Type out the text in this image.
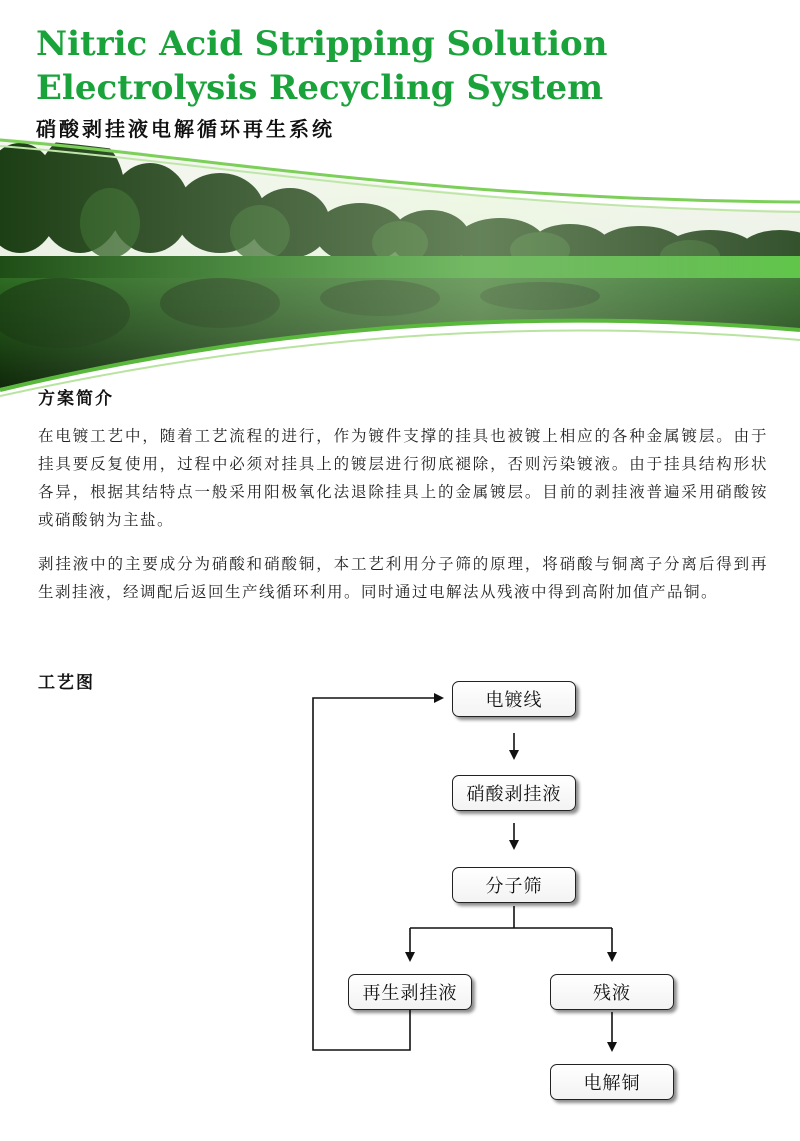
Nitric Acid Stripping Solution
Electrolysis Recycling System
硝酸剥挂液电解循环再生系统
方案简介

在电镀工艺中，随着工艺流程的进行，作为镀件支撑的挂具也被镀上相应的各种金属镀层。由于挂具要反复使用，过程中必须对挂具上的镀层进行彻底褪除，否则污染镀液。由于挂具结构形状各异，根据其结特点一般采用阳极氧化法退除挂具上的金属镀层。目前的剥挂液普遍采用硝酸铵或硝酸钠为主盐。

剥挂液中的主要成分为硝酸和硝酸铜，本工艺利用分子筛的原理，将硝酸与铜离子分离后得到再生剥挂液，经调配后返回生产线循环利用。同时通过电解法从残液中得到高附加值产品铜。

工艺图
电镀线
硝酸剥挂液
分子筛
再生剥挂液	残液
电解铜
